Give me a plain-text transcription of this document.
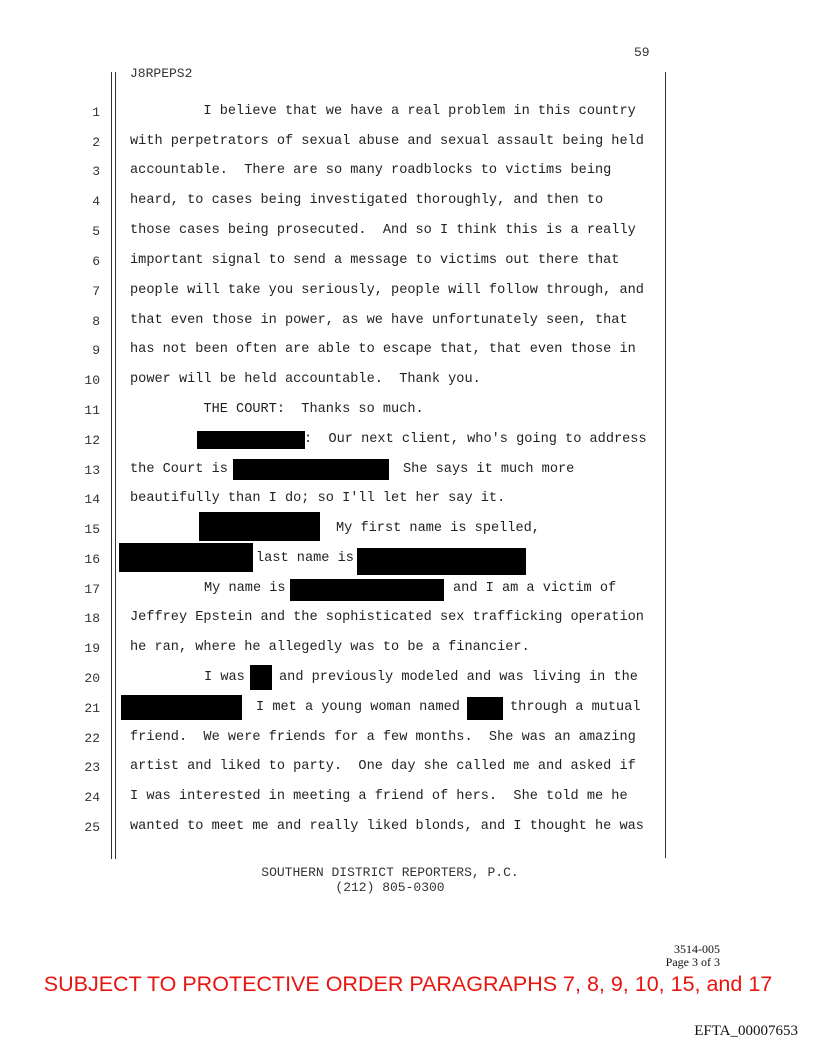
59
J8RPEPS2
1
2
3
4
5
6
7
8
9
10
11
12
13
14
15
16
17
18
19
20
21
22
23
24
25
I believe that we have a real problem in this country
with perpetrators of sexual abuse and sexual assault being held
accountable.  There are so many roadblocks to victims being
heard, to cases being investigated thoroughly, and then to
those cases being prosecuted.  And so I think this is a really
important signal to send a message to victims out there that
people will take you seriously, people will follow through, and
that even those in power, as we have unfortunately seen, that
has not been often are able to escape that, that even those in
power will be held accountable.  Thank you.
THE COURT:  Thanks so much.
:  Our next client, who's going to address
the Court is	She says it much more
beautifully than I do; so I'll let her say it.
My first name is spelled,
last name is
My name is	and I am a victim of
Jeffrey Epstein and the sophisticated sex trafficking operation
he ran, where he allegedly was to be a financier.
I was	and previously modeled and was living in the
I met a young woman named	through a mutual
friend.  We were friends for a few months.  She was an amazing
artist and liked to party.  One day she called me and asked if
I was interested in meeting a friend of hers.  She told me he
wanted to meet me and really liked blonds, and I thought he was
SOUTHERN DISTRICT REPORTERS, P.C.
(212) 805-0300
3514-005
Page 3 of 3
SUBJECT TO PROTECTIVE ORDER PARAGRAPHS 7, 8, 9, 10, 15, and 17
EFTA_00007653
